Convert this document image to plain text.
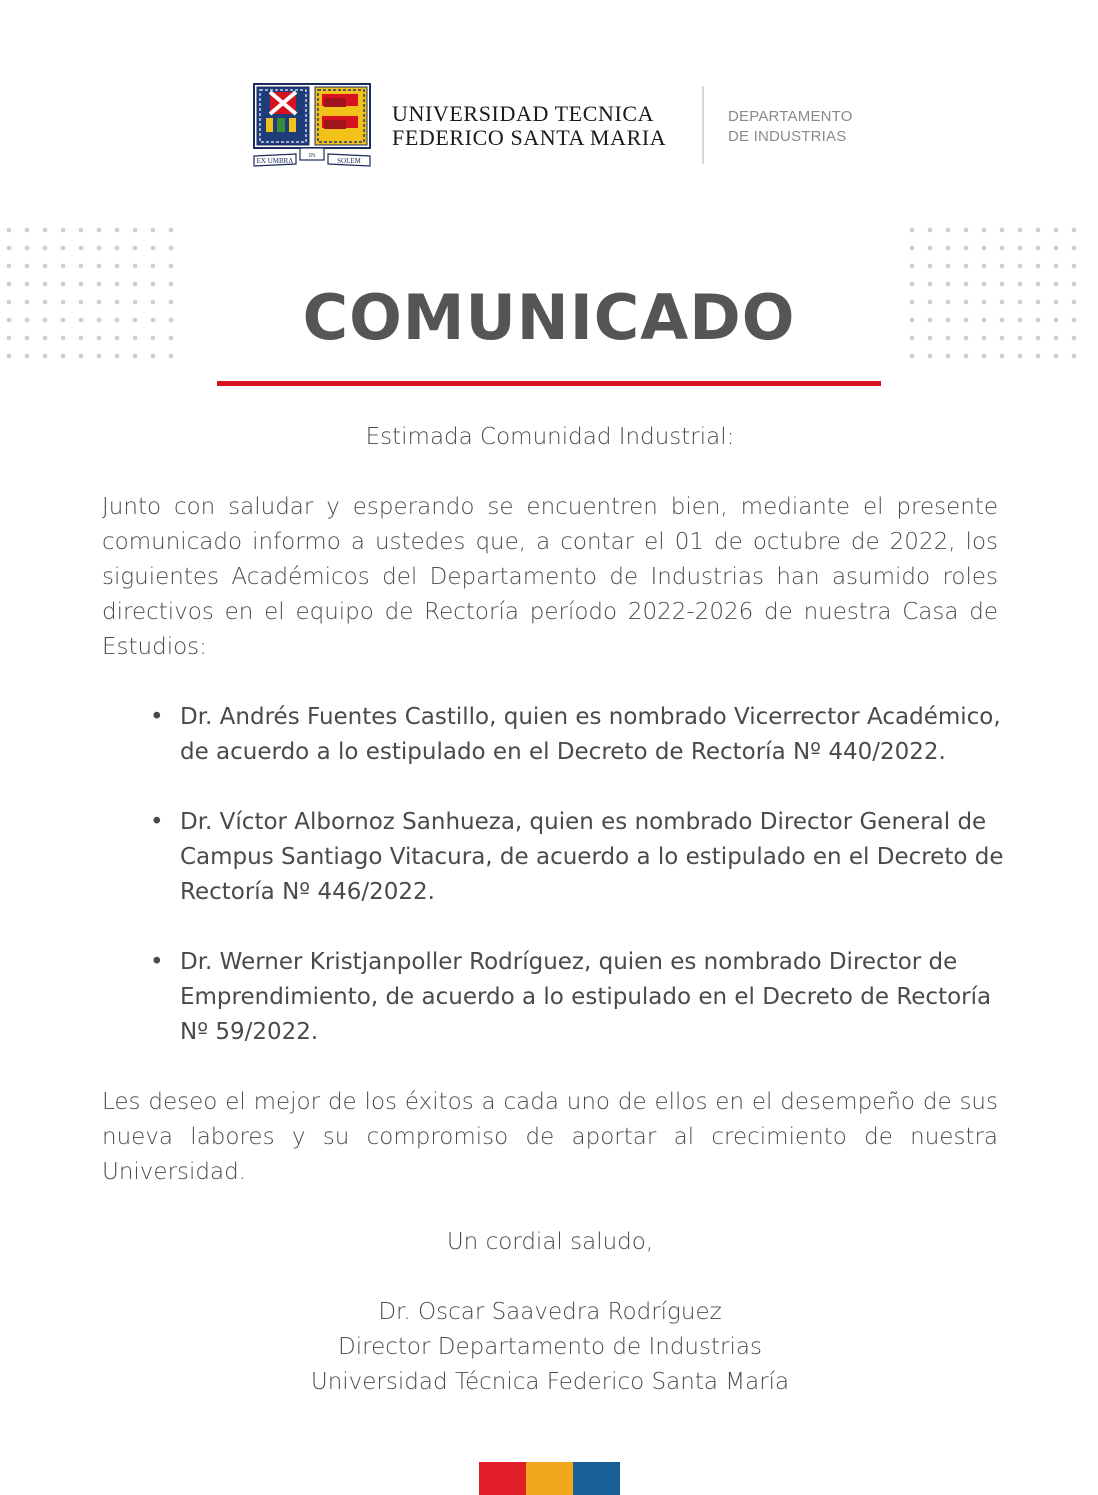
EX UMBRA
IN
SOLEM
UNIVERSIDAD TECNICA
FEDERICO SANTA MARIA
DEPARTAMENTO
DE INDUSTRIAS
COMUNICADO
Estimada Comunidad Industrial:
Junto con saludar y esperando se encuentren bien, mediante el presente comunicado informo a ustedes que, a contar el 01 de octubre de 2022, los siguientes Académicos del Departamento de Industrias han asumido roles directivos en el equipo de Rectoría período 2022-2026 de nuestra Casa de Estudios:
• Dr. Andrés Fuentes Castillo, quien es nombrado Vicerrector Académico, de acuerdo a lo estipulado en el Decreto de Rectoría Nº 440/2022.
• Dr. Víctor Albornoz Sanhueza, quien es nombrado Director General de Campus Santiago Vitacura, de acuerdo a lo estipulado en el Decreto de Rectoría Nº 446/2022.
• Dr. Werner Kristjanpoller Rodríguez, quien es nombrado Director de Emprendimiento, de acuerdo a lo estipulado en el Decreto de Rectoría Nº 59/2022.
Les deseo el mejor de los éxitos a cada uno de ellos en el desempeño de sus nueva labores y su compromiso de aportar al crecimiento de nuestra Universidad.
Un cordial saludo,
Dr. Oscar Saavedra Rodríguez
Director Departamento de Industrias
Universidad Técnica Federico Santa María
